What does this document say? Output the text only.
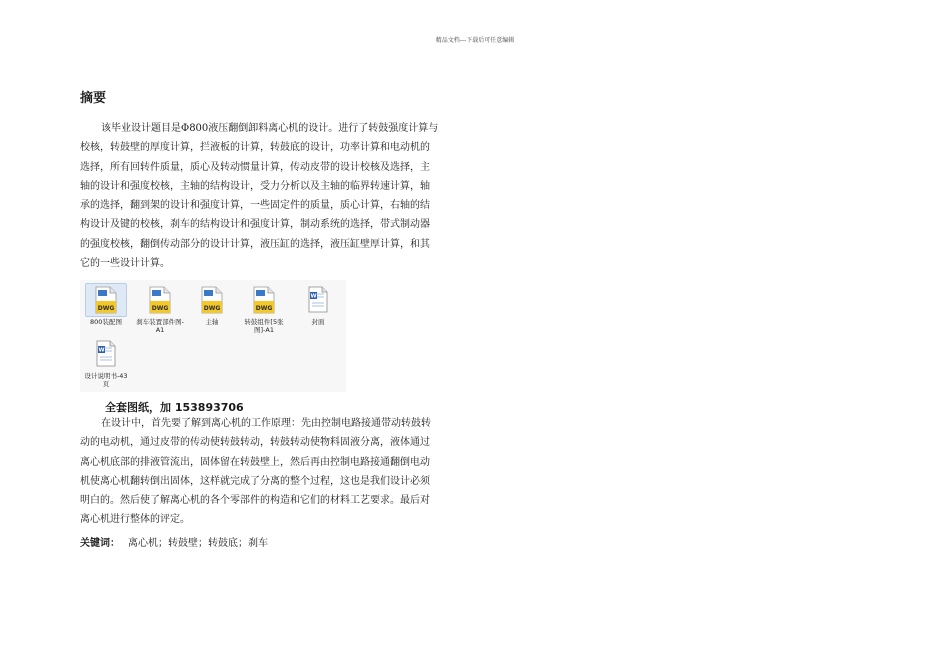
精品文档---下载后可任意编辑
摘要
该毕业设计题目是Φ800液压翻倒卸料离心机的设计。进行了转鼓强度计算与
校核，转鼓壁的厚度计算，拦液板的计算，转鼓底的设计，功率计算和电动机的
选择，所有回转件质量，质心及转动惯量计算，传动皮带的设计校核及选择，主
轴的设计和强度校核，主轴的结构设计，受力分析以及主轴的临界转速计算，轴
承的选择，翻到架的设计和强度计算，一些固定件的质量，质心计算，右轴的结
构设计及键的校核，刹车的结构设计和强度计算，制动系统的选择，带式制动器
的强度校核，翻倒传动部分的设计计算，液压缸的选择，液压缸壁厚计算，和其
它的一些设计计算。
DWG
800装配图
DWG
刹车装置部件图-A1
DWG
主轴
DWG
转鼓组件[5张图]-A1
W
封面
W
设计说明书-43页
全套图纸，加 153893706
在设计中，首先要了解到离心机的工作原理：先由控制电路接通带动转鼓转
动的电动机，通过皮带的传动使转鼓转动，转鼓转动使物料固液分离，液体通过
离心机底部的排液管流出，固体留在转鼓壁上，然后再由控制电路接通翻倒电动
机使离心机翻转倒出固体，这样就完成了分离的整个过程，这也是我们设计必须
明白的。然后使了解离心机的各个零部件的构造和它们的材料工艺要求。最后对
离心机进行整体的评定。
关键词： 离心机；转鼓壁；转鼓底；刹车
